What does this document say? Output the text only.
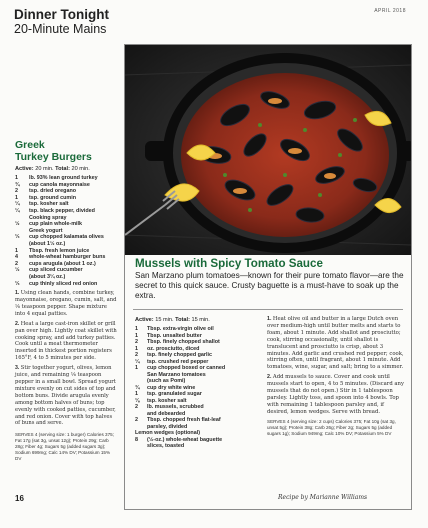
Dinner Tonight
20-Minute Mains
APRIL 2018
Greek
Turkey Burgers
Active: 20 min. Total: 20 min.
1	lb. 93% lean ground turkey
¾	cup canola mayonnaise
2	tsp. dried oregano
1	tsp. ground cumin
¼	tsp. kosher salt
¼	tsp. black pepper, divided
Cooking spray
½	cup plain whole-milk
Greek yogurt
⅓	cup chopped kalamata olives
(about 1½ oz.)
1	Tbsp. fresh lemon juice
4	whole-wheat hamburger buns
2	cups arugula (about 1 oz.)
½	cup sliced cucumber
(about 3¼ oz.)
⅓	cup thinly sliced red onion

1. Using clean hands, combine turkey, mayonnaise, oregano, cumin, salt, and ⅛ teaspoon pepper. Shape mixture into 4 equal patties.

2. Heat a large cast-iron skillet or grill pan over high. Lightly coat skillet with cooking spray, and add turkey patties. Cook until a meat thermometer inserted in thickest portion registers 165°F, 4 to 5 minutes per side.

3. Stir together yogurt, olives, lemon juice, and remaining ⅛ teaspoon pepper in a small bowl. Spread yogurt mixture evenly on cut sides of top and bottom buns. Divide arugula evenly among bottom halves of buns; top evenly with cooked patties, cucumber, and red onion. Cover with top halves of buns and serve.

SERVES 4 (serving size: 1 burger) Calories 375; Fat 17g (sat 3g, unsat 12g); Protein 29g; Carb 28g; Fiber 4g; Sugars 5g (added sugars 3g); Sodium 699mg; Calc 14% DV; Potassium 15% DV
Mussels with Spicy Tomato Sauce
San Marzano plum tomatoes—known for their pure tomato flavor—are the secret to this quick sauce. Crusty baguette is a must-have to soak up the extra.
Active: 15 min. Total: 15 min.
1	Tbsp. extra-virgin olive oil
1	Tbsp. unsalted butter
2	Tbsp. finely chopped shallot
1	oz. prosciutto, diced
2	tsp. finely chopped garlic
¼	tsp. crushed red pepper
1	cup chopped boxed or canned
San Marzano tomatoes
(such as Pomi)
¾	cup dry white wine
1	tsp. granulated sugar
⅛	tsp. kosher salt
2	lb. mussels, scrubbed
and debearded
2	Tbsp. chopped fresh flat-leaf
parsley, divided
Lemon wedges (optional)
8	(½-oz.) whole-wheat baguette
slices, toasted

1. Heat olive oil and butter in a large Dutch oven over medium-high until butter melts and starts to foam, about 1 minute. Add shallot and prosciutto; cook, stirring occasionally, until shallot is translucent and prosciutto is crisp, about 3 minutes. Add garlic and crushed red pepper; cook, stirring often, until fragrant, about 1 minute. Add tomatoes, wine, sugar, and salt; bring to a simmer.

2. Add mussels to sauce. Cover and cook until mussels start to open, 4 to 5 minutes. (Discard any mussels that do not open.) Stir in 1 tablespoon parsley. Lightly toss, and spoon into 4 bowls. Top with remaining 1 tablespoon parsley and, if desired, lemon wedges. Serve with bread.

SERVES 4 (serving size: 2 cups) Calories 375; Fat 10g (sat 3g, unsat 5g); Protein 38g; Carb 26g; Fiber 2g; Sugars 5g (added sugars 1g); Sodium 949mg; Calc 10% DV; Potassium 5% DV
16	Recipe by Marianne Williams
